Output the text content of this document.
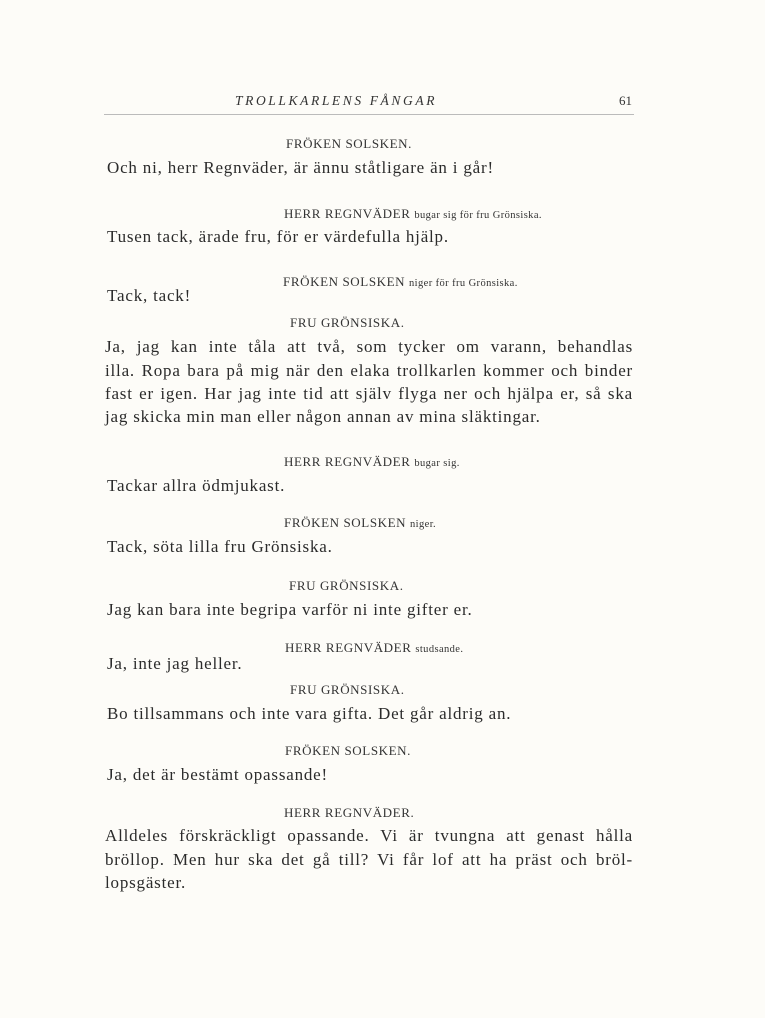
TROLLKARLENS FÅNGAR	61
FRÖKEN SOLSKEN.
Och ni, herr Regnväder, är ännu ståtligare än i går!
HERR REGNVÄDER bugar sig för fru Grönsiska.
Tusen tack, ärade fru, för er värdefulla hjälp.
FRÖKEN SOLSKEN niger för fru Grönsiska.
Tack, tack!
FRU GRÖNSISKA.
Ja, jag kan inte tåla att två, som tycker om varann, behandlas
illa. Ropa bara på mig när den elaka trollkarlen kommer och binder
fast er igen. Har jag inte tid att själv flyga ner och hjälpa er, så ska
jag skicka min man eller någon annan av mina släktingar.
HERR REGNVÄDER bugar sig.
Tackar allra ödmjukast.
FRÖKEN SOLSKEN niger.
Tack, söta lilla fru Grönsiska.
FRU GRÖNSISKA.
Jag kan bara inte begripa varför ni inte gifter er.
HERR REGNVÄDER studsande.
Ja, inte jag heller.
FRU GRÖNSISKA.
Bo tillsammans och inte vara gifta. Det går aldrig an.
FRÖKEN SOLSKEN.
Ja, det är bestämt opassande!
HERR REGNVÄDER.
Alldeles förskräckligt opassande. Vi är tvungna att genast hålla
bröllop. Men hur ska det gå till? Vi får lof att ha präst och bröl-
lopsgäster.
